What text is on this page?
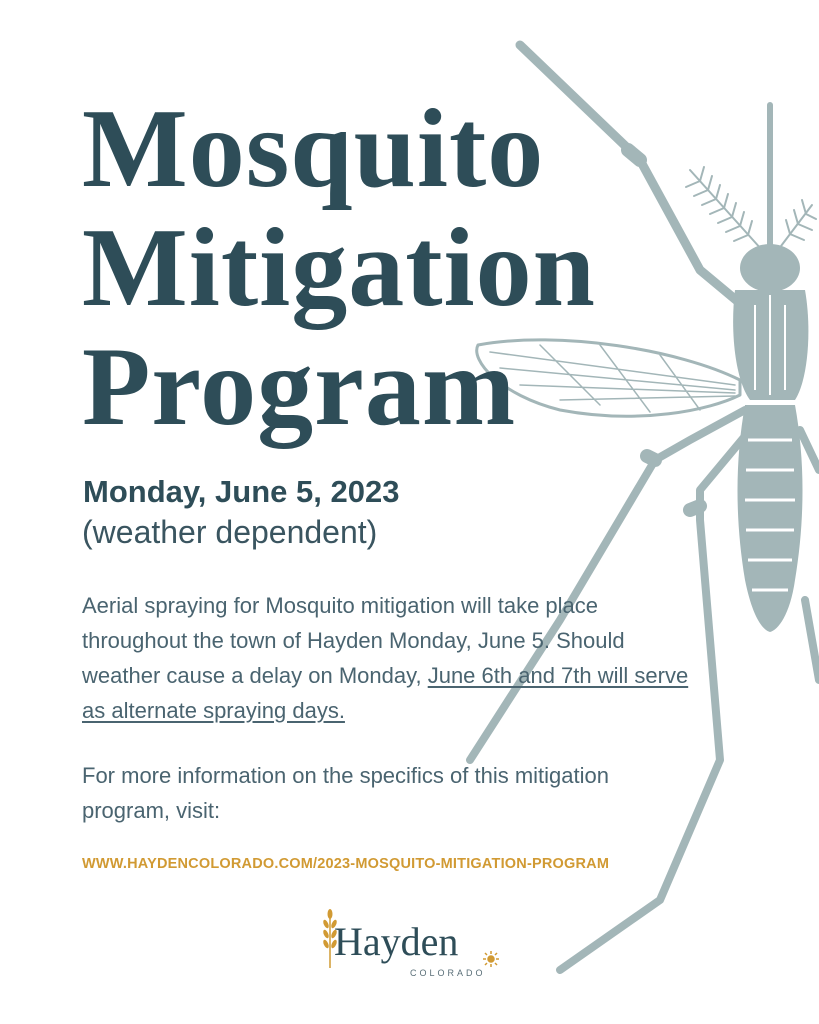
Mosquito
Mitigation
Program
Monday, June 5, 2023
(weather dependent)

Aerial spraying for Mosquito mitigation will take place throughout the town of Hayden Monday, June 5. Should weather cause a delay on Monday, June 6th and 7th will serve as alternate spraying days.

For more information on the specifics of this mitigation program, visit:

WWW.HAYDENCOLORADO.COM/2023-MOSQUITO-MITIGATION-PROGRAM
Hayden
COLORADO
